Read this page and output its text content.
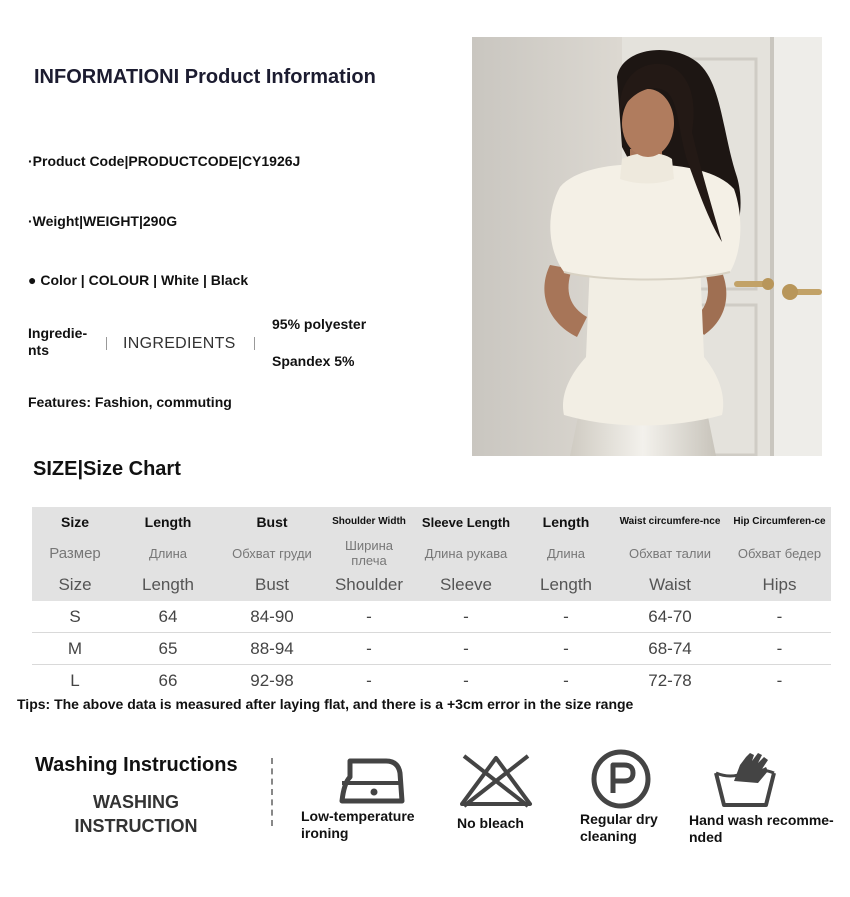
INFORMATIONI Product Information
·Product Code|PRODUCTCODE|CY1926J
·Weight|WEIGHT|290G
● Color | COLOUR | White | Black
Ingredie-
nts	INGREDIENTS
95% polyester
Spandex 5%
Features: Fashion, commuting
SIZE|Size Chart
Size	Length	Bust	Shoulder Width	Sleeve Length	Length	Waist circumfere-nce	Hip Circumferen-ce
Размер	Длина	Обхват груди	Ширина плеча	Длина рукава	Длина	Обхват талии	Обхват бедер
Size	Length	Bust	Shoulder	Sleeve	Length	Waist	Hips
S	64	84-90	-	-	-	64-70	-
M	65	88-94	-	-	-	68-74	-
L	66	92-98	-	-	-	72-78	-
Tips: The above data is measured after laying flat, and there is a +3cm error in the size range
Washing Instructions
WASHING
INSTRUCTION	Low-temperature
ironing
No bleach	Regular dry
cleaning
Hand wash recomme-
nded
